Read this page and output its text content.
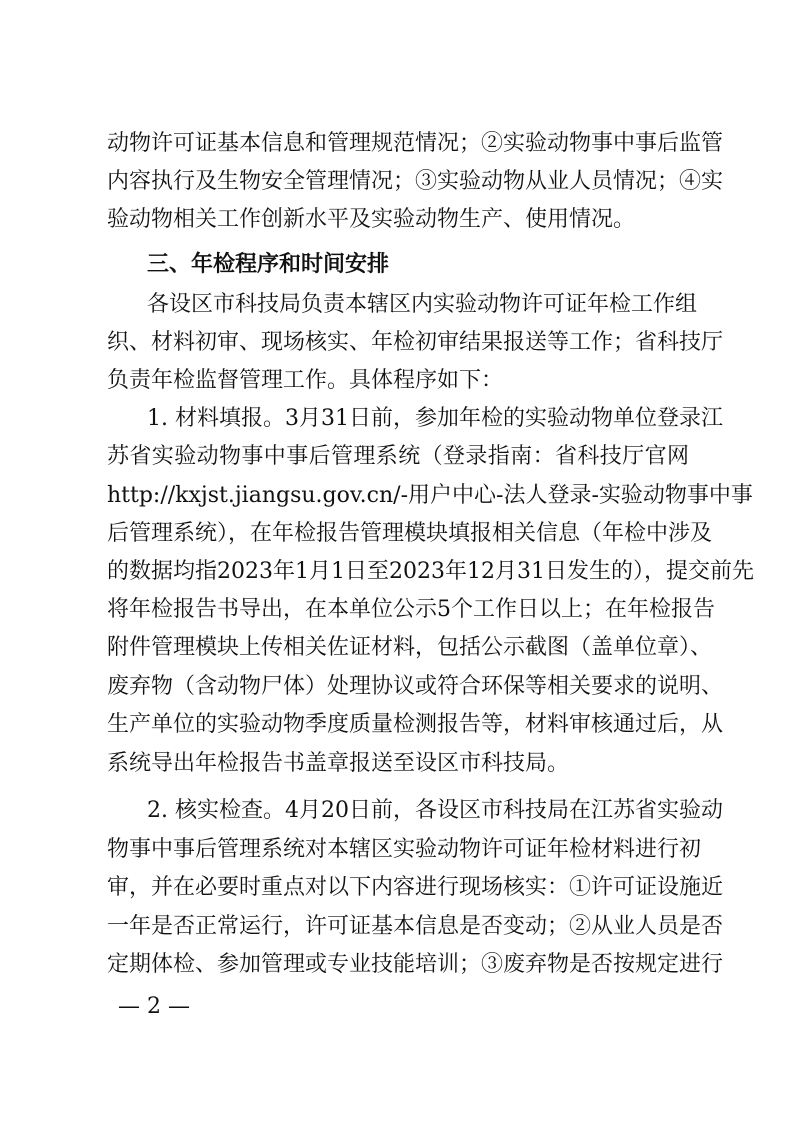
动物许可证基本信息和管理规范情况；②实验动物事中事后监管
内容执行及生物安全管理情况；③实验动物从业人员情况；④实
验动物相关工作创新水平及实验动物生产、使用情况。
三、年检程序和时间安排
各设区市科技局负责本辖区内实验动物许可证年检工作组
织、材料初审、现场核实、年检初审结果报送等工作；省科技厅
负责年检监督管理工作。具体程序如下：
1. 材料填报。3月31日前，参加年检的实验动物单位登录江
苏省实验动物事中事后管理系统（登录指南：省科技厅官网
http://kxjst.jiangsu.gov.cn/-用户中心-法人登录-实验动物事中事
后管理系统），在年检报告管理模块填报相关信息（年检中涉及
的数据均指2023年1月1日至2023年12月31日发生的），提交前先
将年检报告书导出，在本单位公示5个工作日以上；在年检报告
附件管理模块上传相关佐证材料，包括公示截图（盖单位章）、
废弃物（含动物尸体）处理协议或符合环保等相关要求的说明、
生产单位的实验动物季度质量检测报告等，材料审核通过后，从
系统导出年检报告书盖章报送至设区市科技局。
2. 核实检查。4月20日前，各设区市科技局在江苏省实验动
物事中事后管理系统对本辖区实验动物许可证年检材料进行初
审，并在必要时重点对以下内容进行现场核实：①许可证设施近
一年是否正常运行，许可证基本信息是否变动；②从业人员是否
定期体检、参加管理或专业技能培训；③废弃物是否按规定进行
— 2 —
